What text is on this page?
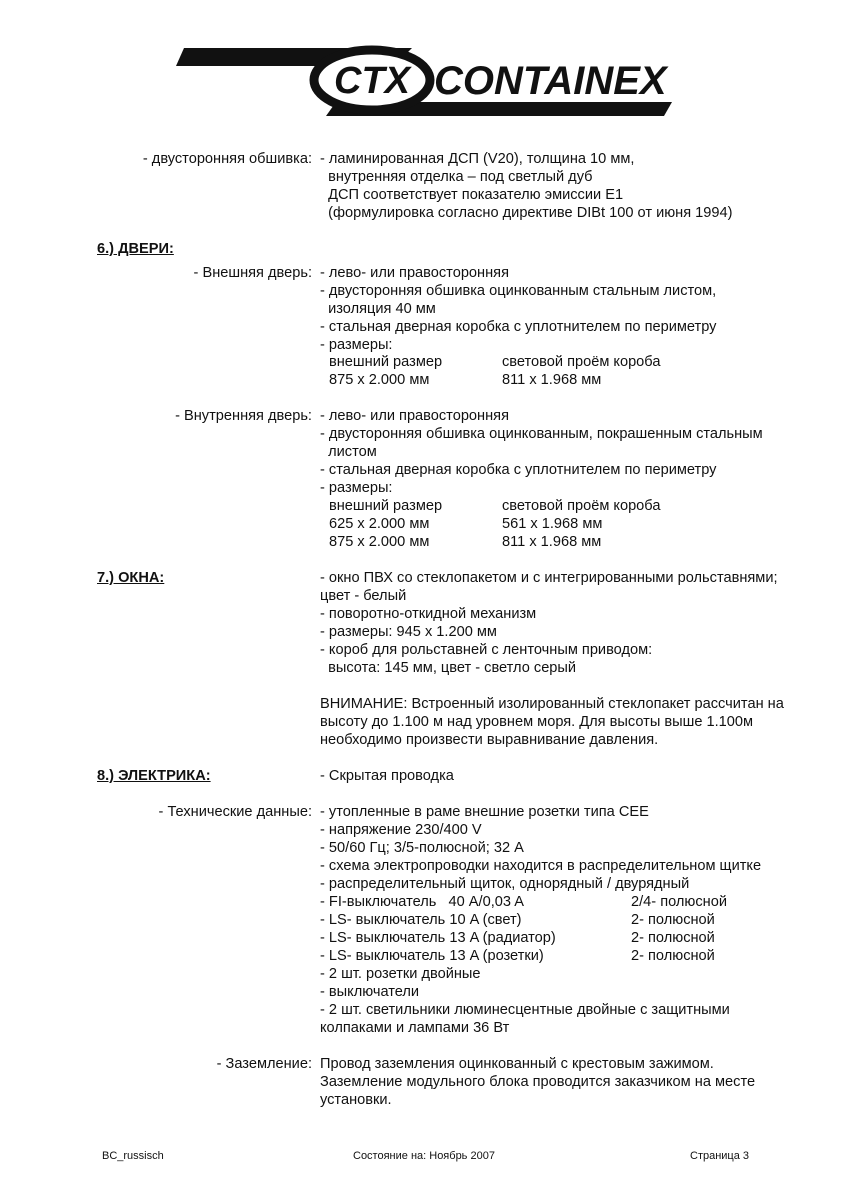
CTX CONTAINEX
- двусторонняя обшивка: - ламинированная ДСП (V20), толщина 10 мм,
внутренняя отделка – под светлый дуб
ДСП соответствует показателю эмиссии Е1
(формулировка согласно директиве DIBt 100 от июня 1994)
6.) ДВЕРИ:
- Внешняя дверь: - лево- или правосторонняя
- двусторонняя обшивка оцинкованным стальным листом,
изоляция 40 мм
- стальная дверная коробка с уплотнителем по периметру
- размеры:
внешний размер	световой проём короба
875 x 2.000 мм	811 x 1.968 мм
- Внутренняя дверь: - лево- или правосторонняя
- двусторонняя обшивка оцинкованным, покрашенным стальным
листом
- стальная дверная коробка с уплотнителем по периметру
- размеры:
внешний размер	световой проём короба
625 x 2.000 мм	561 x 1.968 мм
875 x 2.000 мм	811 x 1.968 мм
7.) ОКНА:	- окно ПВХ со стеклопакетом и с интегрированными рольставнями;
цвет - белый
- поворотно-откидной механизм
- размеры: 945 x 1.200 мм
- короб для рольставней с ленточным приводом:
высота: 145 мм, цвет - светло серый
ВНИМАНИЕ: Встроенный изолированный стеклопакет рассчитан на
высоту до 1.100 м над уровнем моря. Для высоты выше 1.100м
необходимо произвести выравнивание давления.
8.) ЭЛЕКТРИКА:	- Скрытая проводка
- Технические данные: - утопленные в раме внешние розетки типа CEE
- напряжение 230/400 V
- 50/60 Гц; 3/5-полюсной; 32 А
- схема электропроводки находится в распределительном щитке
- распределительный щиток, однорядный / двурядный
- FI-выключатель   40 A/0,03 A	2/4- полюсной
- LS- выключатель 10 A (свет)	2- полюсной
- LS- выключатель 13 A (радиатор)	2- полюсной
- LS- выключатель 13 A (розетки)	2- полюсной
- 2 шт. розетки двойные
- выключатели
- 2 шт. светильники люминесцентные двойные с защитными
колпаками и лампами 36 Вт
- Заземление: Провод заземления оцинкованный с крестовым зажимом.
Заземление модульного блока проводится заказчиком на месте
установки.
BC_russisch	Состояние на: Ноябрь 2007	Страница 3
